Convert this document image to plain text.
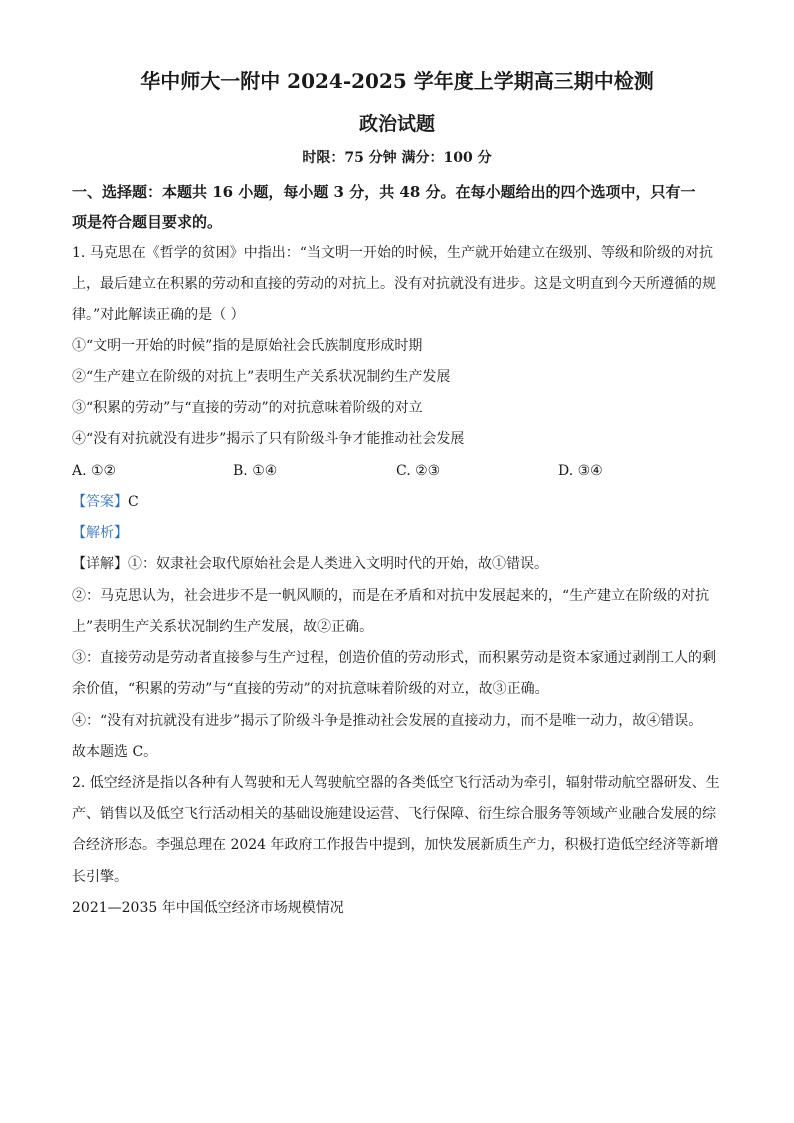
华中师大一附中 2024-2025 学年度上学期高三期中检测
政治试题
时限：75 分钟 满分：100 分
一、选择题：本题共 16 小题，每小题 3 分，共 48 分。在每小题给出的四个选项中，只有一
项是符合题目要求的。
1. 马克思在《哲学的贫困》中指出：“当文明一开始的时候，生产就开始建立在级别、等级和阶级的对抗
上，最后建立在积累的劳动和直接的劳动的对抗上。没有对抗就没有进步。这是文明直到今天所遵循的规
律。”对此解读正确的是（ ）
①“文明一开始的时候”指的是原始社会氏族制度形成时期
②“生产建立在阶级的对抗上”表明生产关系状况制约生产发展
③“积累的劳动”与“直接的劳动”的对抗意味着阶级的对立
④“没有对抗就没有进步”揭示了只有阶级斗争才能推动社会发展
A. ①②	B. ①④	C. ②③	D. ③④
【答案】C
【解析】
【详解】①：奴隶社会取代原始社会是人类进入文明时代的开始，故①错误。
②：马克思认为，社会进步不是一帆风顺的，而是在矛盾和对抗中发展起来的，“生产建立在阶级的对抗
上”表明生产关系状况制约生产发展，故②正确。
③：直接劳动是劳动者直接参与生产过程，创造价值的劳动形式，而积累劳动是资本家通过剥削工人的剩
余价值，“积累的劳动”与“直接的劳动”的对抗意味着阶级的对立，故③正确。
④：“没有对抗就没有进步”揭示了阶级斗争是推动社会发展的直接动力，而不是唯一动力，故④错误。
故本题选 C。
2. 低空经济是指以各种有人驾驶和无人驾驶航空器的各类低空飞行活动为牵引，辐射带动航空器研发、生
产、销售以及低空飞行活动相关的基础设施建设运营、飞行保障、衍生综合服务等领域产业融合发展的综
合经济形态。李强总理在 2024 年政府工作报告中提到，加快发展新质生产力，积极打造低空经济等新增
长引擎。
2021—2035 年中国低空经济市场规模情况
